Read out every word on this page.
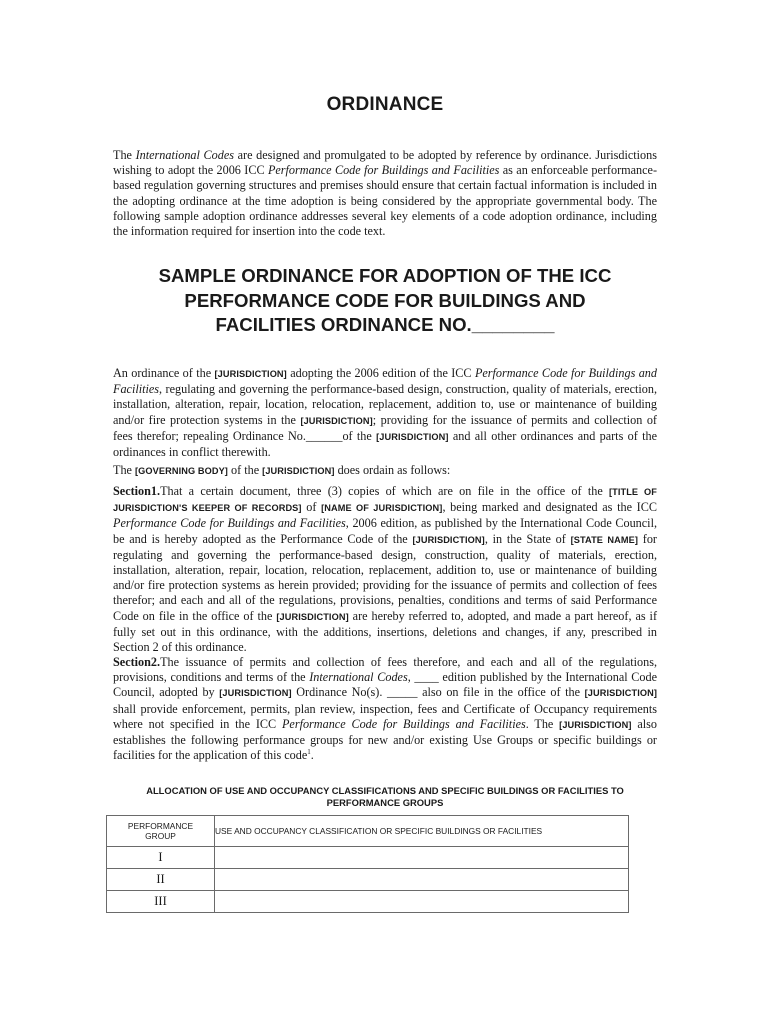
ORDINANCE
The International Codes are designed and promulgated to be adopted by reference by ordinance. Jurisdictions wishing to adopt the 2006 ICC Performance Code for Buildings and Facilities as an enforceable performance-based regulation governing structures and premises should ensure that certain factual information is included in the adopting ordinance at the time adoption is being considered by the appropriate governmental body. The following sample adoption ordinance addresses several key elements of a code adoption ordinance, including the information required for insertion into the code text.
SAMPLE ORDINANCE FOR ADOPTION OF THE ICC
PERFORMANCE CODE FOR BUILDINGS AND
FACILITIES ORDINANCE NO.________
An ordinance of the [JURISDICTION] adopting the 2006 edition of the ICC Performance Code for Buildings and Facilities, regulating and governing the performance-based design, construction, quality of materials, erection, installation, alteration, repair, location, relocation, replacement, addition to, use or maintenance of building and/or fire protection systems in the [JURISDICTION]; providing for the issuance of permits and collection of fees therefor; repealing Ordinance No.______of the [JURISDICTION] and all other ordinances and parts of the ordinances in conflict therewith.
The [GOVERNING BODY] of the [JURISDICTION] does ordain as follows:
Section1.That a certain document, three (3) copies of which are on file in the office of the [TITLE OF JURISDICTION'S KEEPER OF RECORDS] of [NAME OF JURISDICTION], being marked and designated as the ICC Performance Code for Buildings and Facilities, 2006 edition, as published by the International Code Council, be and is hereby adopted as the Performance Code of the [JURISDICTION], in the State of [STATE NAME] for regulating and governing the performance-based design, construction, quality of materials, erection, installation, alteration, repair, location, relocation, replacement, addition to, use or maintenance of building and/or fire protection systems as herein provided; providing for the issuance of permits and collection of fees therefor; and each and all of the regulations, provisions, penalties, conditions and terms of said Performance Code on file in the office of the [JURISDICTION] are hereby referred to, adopted, and made a part hereof, as if fully set out in this ordinance, with the additions, insertions, deletions and changes, if any, prescribed in Section 2 of this ordinance.
Section2.The issuance of permits and collection of fees therefore, and each and all of the regulations, provisions, conditions and terms of the International Codes, ____ edition published by the International Code Council, adopted by [JURISDICTION] Ordinance No(s). _____ also on file in the office of the [JURISDICTION] shall provide enforcement, permits, plan review, inspection, fees and Certificate of Occupancy requirements where not specified in the ICC Performance Code for Buildings and Facilities. The [JURISDICTION] also establishes the following performance groups for new and/or existing Use Groups or specific buildings or facilities for the application of this code$^1$.
ALLOCATION OF USE AND OCCUPANCY CLASSIFICATIONS AND SPECIFIC BUILDINGS OR FACILITIES TO PERFORMANCE GROUPS
PERFORMANCE
GROUP	USE AND OCCUPANCY CLASSIFICATION OR SPECIFIC BUILDINGS OR FACILITIES
I	
II	
III	
